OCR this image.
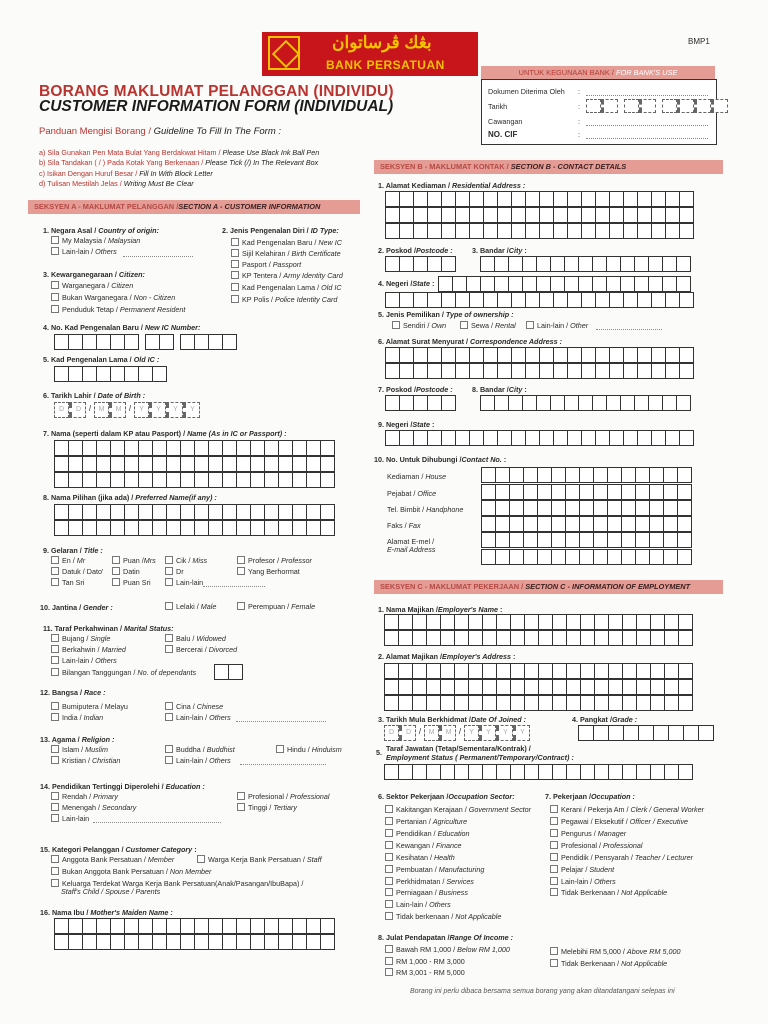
BMP1
بڠك ڤرساتوان
BANK PERSATUAN
BORANG MAKLUMAT PELANGGAN (INDIVIDU)
CUSTOMER INFORMATION FORM (INDIVIDUAL)
Panduan Mengisi Borang / Guideline To Fill In The Form :
a) Sila Gunakan Pen Mata Bulat Yang Berdakwat Hitam / Please Use Black Ink Ball Pen
b) Sila Tandakan ( / ) Pada Kotak Yang Berkenaan / Please Tick (/) In The Relevant Box
c) Isikan Dengan Huruf Besar / Fill In With Block Letter
d) Tulisan Mestilah Jelas / Writing Must Be Clear
UNTUK KEGUNAAN BANK / FOR BANK'S USE
Dokumen Diterima Oleh :
Tarikh	:
Cawangan	:
NO. CIF	:
SEKSYEN A - MAKLUMAT PELANGGAN /SECTION A - CUSTOMER INFORMATION
1. Negara Asal / Country of origin:
My Malaysia / Malaysian
Lain-lain / Others
2. Jenis Pengenalan Diri / ID Type:
Kad Pengenalan Baru / New IC
Sijil Kelahiran / Birth Certificate
Pasport / Passport
KP Tentera / Army Identity Card
Kad Pengenalan Lama / Old IC
KP Polis / Police Identity Card
3. Kewarganegaraan / Citizen:
Warganegara / Citizen
Bukan Warganegara / Non - Citizen
Penduduk Tetap / Permanent Resident
4. No. Kad Pengenalan Baru / New IC Number:
5. Kad Pengenalan Lama / Old IC :
6. Tarikh Lahir / Date of Birth :
D	D /	M	M /	Y	Y	Y	Y
7. Nama (seperti dalam KP atau Pasport) / Name (As in IC or Passport) :
8. Nama Pilihan (jika ada) / Preferred Name(if any) :
9. Gelaran / Title :
En / Mr	Puan /Mrs	Cik / Miss	Profesor / Professor
Datuk / Dato'	Datin	Dr	Yang Berhormat
Tan Sri	Puan Sri	Lain-lain
10. Jantina / Gender :	Lelaki / Male	Perempuan / Female
11. Taraf Perkahwinan / Marital Status:
Bujang / Single	Balu / Widowed
Berkahwin / Married	Bercerai / Divorced
Lain-lain / Others
Bilangan Tanggungan / No. of dependants
12. Bangsa / Race :
Bumiputera / Melayu	Cina / Chinese
India / Indian	Lain-lain / Others
13. Agama / Religion :
Islam / Muslim	Buddha / Buddhist	Hindu / Hinduism
Kristian / Christian	Lain-lain / Others
14. Pendidikan Tertinggi Diperolehi / Education :
Rendah / Primary	Profesional / Professional
Menengah / Secondary	Tinggi / Tertiary
Lain-lain
15. Kategori Pelanggan / Customer Category :
Anggota Bank Persatuan / Member	Warga Kerja Bank Persatuan / Staff
Bukan Anggota Bank Persatuan / Non Member
Keluarga Terdekat Warga Kerja Bank Persatuan(Anak/Pasangan/IbuBapa) /
Staff's Child / Spouse / Parents
16. Nama Ibu / Mother's Maiden Name :
SEKSYEN B - MAKLUMAT KONTAK / SECTION B - CONTACT DETAILS
1. Alamat Kediaman / Residential Address :
2. Poskod /Postcode :	3. Bandar /City :
4. Negeri /State :
5. Jenis Pemilikan / Type of ownership :
Sendiri / Own	Sewa / Rental	Lain-lain / Other
6. Alamat Surat Menyurat / Correspondence Address :
7. Poskod /Postcode :	8. Bandar /City :
9. Negeri /State :
10. No. Untuk Dihubungi /Contact No. :
Kediaman / House
Pejabat / Office
Tel. Bimbit / Handphone
Faks / Fax
Alamat E-mel /
E-mail Address
SEKSYEN C - MAKLUMAT PEKERJAAN / SECTION C - INFORMATION OF EMPLOYMENT
1. Nama Majikan /Employer's Name :
2. Alamat Majikan /Employer's Address :
3. Tarikh Mula Berkhidmat /Date Of Joined :	4. Pangkat /Grade :
D	D /	M	M /	Y	Y	Y	Y
5. Taraf Jawatan (Tetap/Sementara/Kontrak) /
Employment Status ( Permanent/Temporary/Contract) :
6. Sektor Pekerjaan /Occupation Sector:	7. Pekerjaan /Occupation :
Kakitangan Kerajaan / Government Sector
Pertanian / Agriculture
Pendidikan / Education
Kewangan / Finance
Kesihatan / Health
Pembuatan / Manufacturing
Perkhidmatan / Services
Perniagaan / Business
Lain-lain / Others
Tidak berkenaan / Not Applicable
Kerani / Pekerja Am / Clerk / General Worker
Pegawai / Eksekutif / Officer / Executive
Pengurus / Manager
Profesional / Professional
Pendidik / Pensyarah / Teacher / Lecturer
Pelajar / Student
Lain-lain / Others
Tidak Berkenaan / Not Applicable
8. Julat Pendapatan /Range Of Income :
Bawah RM 1,000 / Below RM 1,000	Melebihi RM 5,000 / Above RM 5,000
RM 1,000 - RM 3,000	Tidak Berkenaan / Not Applicable
RM 3,001 - RM 5,000
Borang ini perlu dibaca bersama semua borang yang akan ditandatangani selepas ini
